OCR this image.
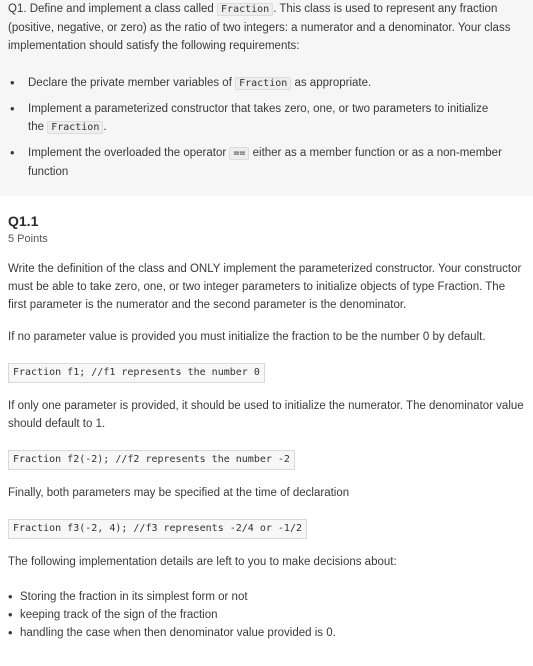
Q1. Define and implement a class called Fraction . This class is used to represent any fraction (positive, negative, or zero) as the ratio of two integers: a numerator and a denominator. Your class implementation should satisfy the following requirements:

• Declare the private member variables of Fraction as appropriate.
• Implement a parameterized constructor that takes zero, one, or two parameters to initialize the Fraction .
• Implement the overloaded the operator == either as a member function or as a non-member function
Q1.1
5 Points

Write the definition of the class and ONLY implement the parameterized constructor. Your constructor must be able to take zero, one, or two integer parameters to initialize objects of type Fraction. The first parameter is the numerator and the second parameter is the denominator.

If no parameter value is provided you must initialize the fraction to be the number 0 by default.

Fraction f1; //f1 represents the number 0

If only one parameter is provided, it should be used to initialize the numerator. The denominator value should default to 1.

Fraction f2(-2); //f2 represents the number -2

Finally, both parameters may be specified at the time of declaration

Fraction f3(-2, 4); //f3 represents -2/4 or -1/2

The following implementation details are left to you to make decisions about:

• Storing the fraction in its simplest form or not
• keeping track of the sign of the fraction
• handling the case when then denominator value provided is 0.
